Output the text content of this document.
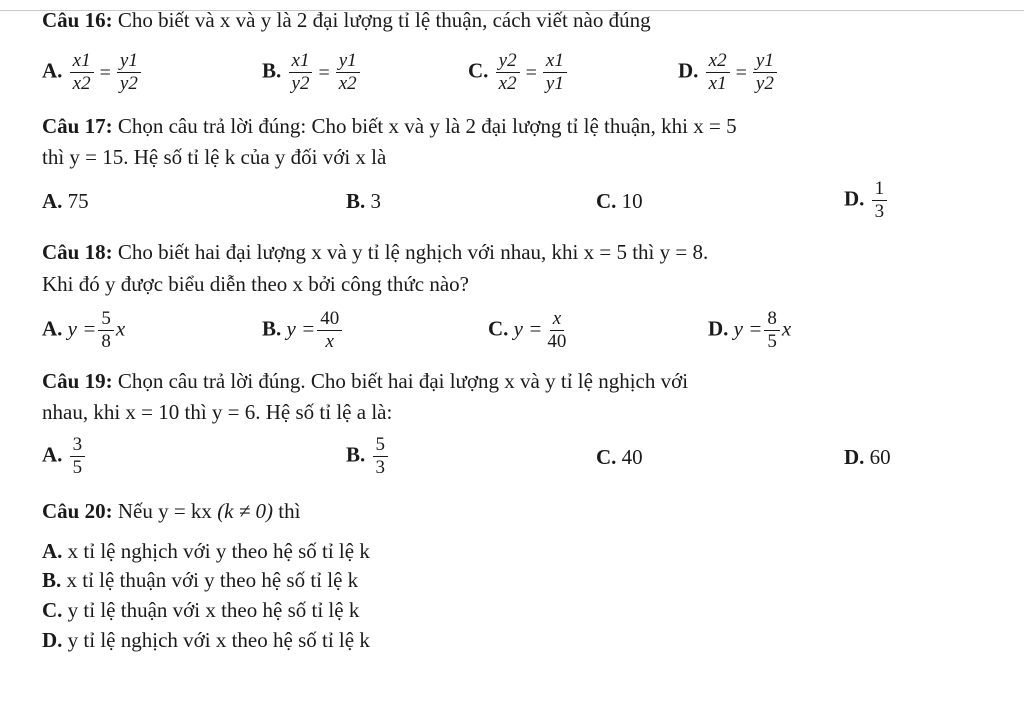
Câu 16: Cho biết và x và y là 2 đại lượng tỉ lệ thuận, cách viết nào đúng
A. $\frac{x1}{x2} = \frac{y1}{y2}$	B. $\frac{x1}{y2} = \frac{y1}{x2}$	C. $\frac{y2}{x2} = \frac{x1}{y1}$	D. $\frac{x2}{x1} = \frac{y1}{y2}$
Câu 17: Chọn câu trả lời đúng: Cho biết x và y là 2 đại lượng tỉ lệ thuận, khi x = 5
thì y = 15. Hệ số tỉ lệ k của y đối với x là
A. 75	B. 3	C. 10	D. $\frac{1}{3}$
Câu 18: Cho biết hai đại lượng x và y tỉ lệ nghịch với nhau, khi x = 5 thì y = 8.
Khi đó y được biểu diễn theo x bởi công thức nào?
A. $y = \frac{5}{8}$ x	B. $y = \frac{40}{x}$	C. $y = \frac{x}{40}$	D. $y = \frac{8}{5}$ x
Câu 19: Chọn câu trả lời đúng. Cho biết hai đại lượng x và y tỉ lệ nghịch với
nhau, khi x = 10 thì y = 6. Hệ số tỉ lệ a là:
A. $\frac{3}{5}$	B. $\frac{5}{3}$	C. 40	D. 60
Câu 20: Nếu y = kx (k ≠ 0) thì
A. x tỉ lệ nghịch với y theo hệ số tỉ lệ k
B. x tỉ lệ thuận với y theo hệ số tỉ lệ k
C. y tỉ lệ thuận với x theo hệ số tỉ lệ k
D. y tỉ lệ nghịch với x theo hệ số tỉ lệ k
